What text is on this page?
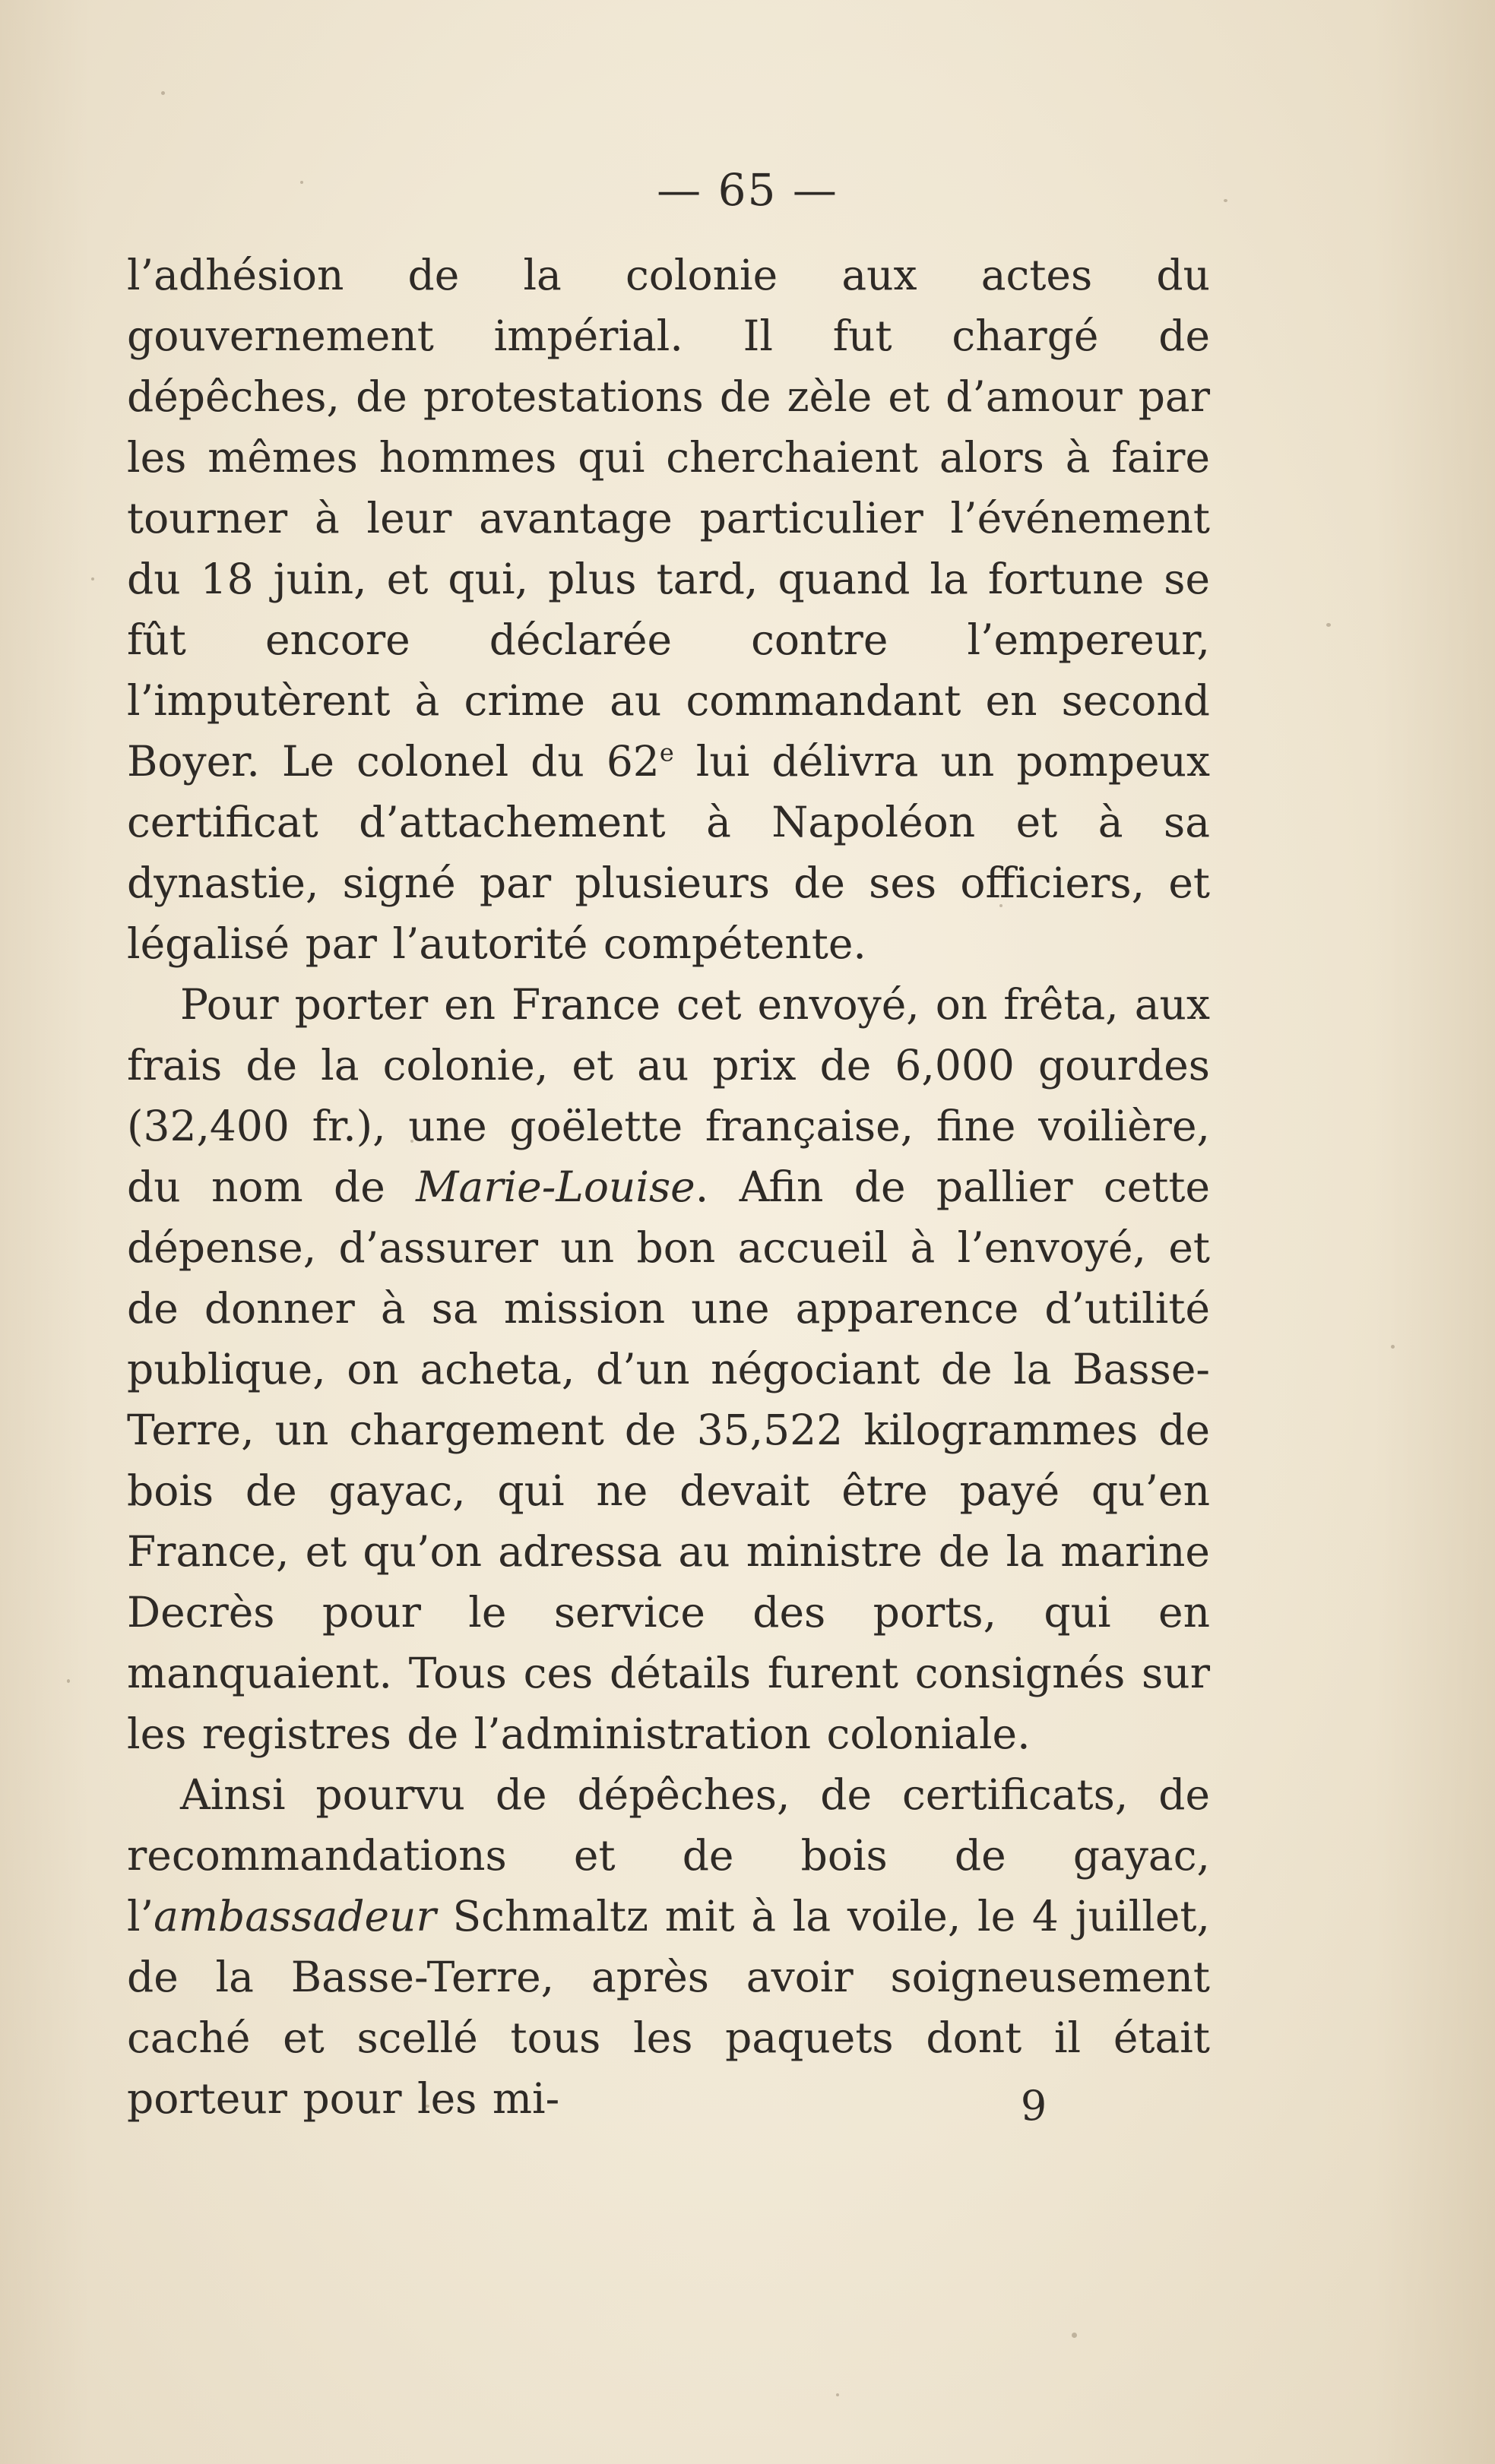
— 65 —

l’adhésion de la colonie aux actes du gouvernement impérial. Il fut chargé de dépêches, de protestations de zèle et d’amour par les mêmes hommes qui cherchaient alors à faire tourner à leur avantage particulier l’événement du 18 juin, et qui, plus tard, quand la fortune se fût encore déclarée contre l’empereur, l’imputèrent à crime au commandant en second Boyer. Le colonel du 62e lui délivra un pompeux certificat d’attachement à Napoléon et à sa dynastie, signé par plusieurs de ses officiers, et légalisé par l’autorité compétente.

Pour porter en France cet envoyé, on frêta, aux frais de la colonie, et au prix de 6,000 gourdes (32,400 fr.), une goëlette française, fine voilière, du nom de Marie-Louise. Afin de pallier cette dépense, d’assurer un bon accueil à l’envoyé, et de donner à sa mission une apparence d’utilité publique, on acheta, d’un négociant de la Basse-Terre, un chargement de 35,522 kilogrammes de bois de gayac, qui ne devait être payé qu’en France, et qu’on adressa au ministre de la marine Decrès pour le service des ports, qui en manquaient. Tous ces détails furent consignés sur les registres de l’administration coloniale.

Ainsi pourvu de dépêches, de certificats, de recommandations et de bois de gayac, l’ambassadeur Schmaltz mit à la voile, le 4 juillet, de la Basse-Terre, après avoir soigneusement caché et scellé tous les paquets dont il était porteur pour les mi-	9
